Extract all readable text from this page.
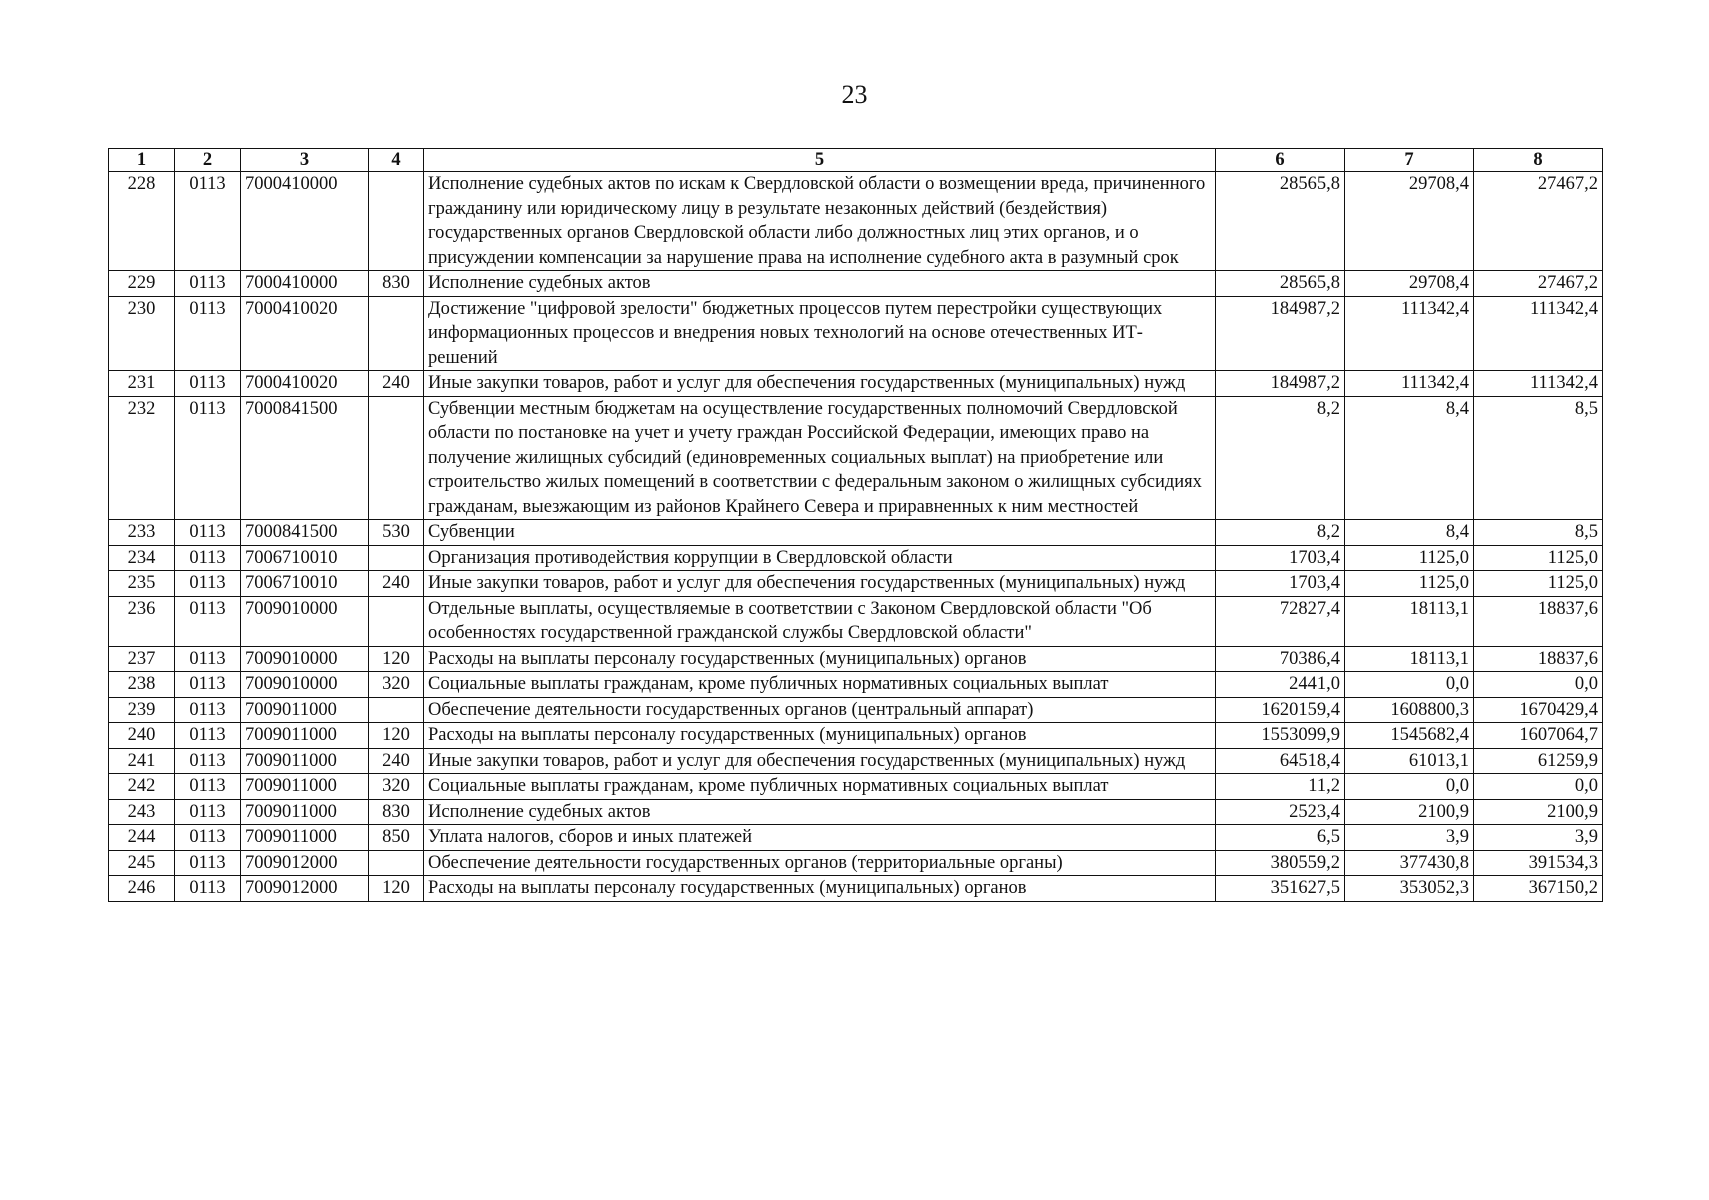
23
1	2	3	4	5	6	7	8
228	0113	7000410000		Исполнение судебных актов по искам к Свердловской области о возмещении вреда, причиненного гражданину или юридическому лицу в результате незаконных действий (бездействия) государственных органов Свердловской области либо должностных лиц этих органов, и о присуждении компенсации за нарушение права на исполнение судебного акта в разумный срок	28565,8	29708,4	27467,2
229	0113	7000410000	830	Исполнение судебных актов	28565,8	29708,4	27467,2
230	0113	7000410020		Достижение "цифровой зрелости" бюджетных процессов путем перестройки существующих информационных процессов и внедрения новых технологий на основе отечественных ИТ-решений	184987,2	111342,4	111342,4
231	0113	7000410020	240	Иные закупки товаров, работ и услуг для обеспечения государственных (муниципальных) нужд	184987,2	111342,4	111342,4
232	0113	7000841500		Субвенции местным бюджетам на осуществление государственных полномочий Свердловской области по постановке на учет и учету граждан Российской Федерации, имеющих право на получение жилищных субсидий (единовременных социальных выплат) на приобретение или строительство жилых помещений в соответствии с федеральным законом о жилищных субсидиях гражданам, выезжающим из районов Крайнего Севера и приравненных к ним местностей	8,2	8,4	8,5
233	0113	7000841500	530	Субвенции	8,2	8,4	8,5
234	0113	7006710010		Организация противодействия коррупции в Свердловской области	1703,4	1125,0	1125,0
235	0113	7006710010	240	Иные закупки товаров, работ и услуг для обеспечения государственных (муниципальных) нужд	1703,4	1125,0	1125,0
236	0113	7009010000		Отдельные выплаты, осуществляемые в соответствии с Законом Свердловской области "Об особенностях государственной гражданской службы Свердловской области"	72827,4	18113,1	18837,6
237	0113	7009010000	120	Расходы на выплаты персоналу государственных (муниципальных) органов	70386,4	18113,1	18837,6
238	0113	7009010000	320	Социальные выплаты гражданам, кроме публичных нормативных социальных выплат	2441,0	0,0	0,0
239	0113	7009011000		Обеспечение деятельности государственных органов (центральный аппарат)	1620159,4	1608800,3	1670429,4
240	0113	7009011000	120	Расходы на выплаты персоналу государственных (муниципальных) органов	1553099,9	1545682,4	1607064,7
241	0113	7009011000	240	Иные закупки товаров, работ и услуг для обеспечения государственных (муниципальных) нужд	64518,4	61013,1	61259,9
242	0113	7009011000	320	Социальные выплаты гражданам, кроме публичных нормативных социальных выплат	11,2	0,0	0,0
243	0113	7009011000	830	Исполнение судебных актов	2523,4	2100,9	2100,9
244	0113	7009011000	850	Уплата налогов, сборов и иных платежей	6,5	3,9	3,9
245	0113	7009012000		Обеспечение деятельности государственных органов (территориальные органы)	380559,2	377430,8	391534,3
246	0113	7009012000	120	Расходы на выплаты персоналу государственных (муниципальных) органов	351627,5	353052,3	367150,2
